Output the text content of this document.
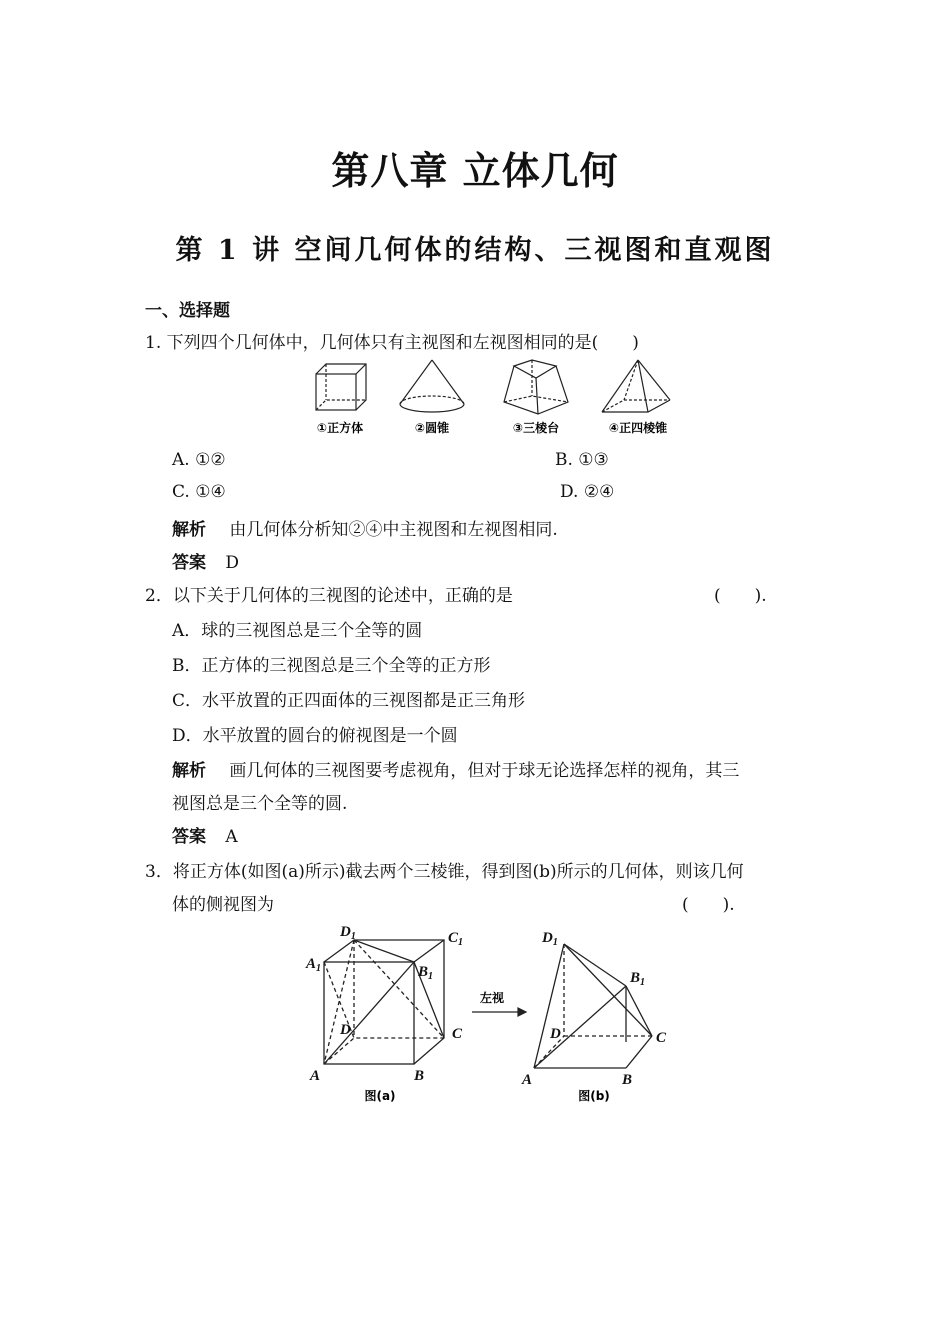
第八章 立体几何
第 1 讲 空间几何体的结构、三视图和直观图
一、选择题
1. 下列四个几何体中，几何体只有主视图和左视图相同的是(　　)
①正方体	②圆锥	③三棱台	④正四棱锥
A. ①②	B. ①③
C. ①④	D. ②④
解析 由几何体分析知②④中主视图和左视图相同.
答案 D
2．以下关于几何体的三视图的论述中，正确的是	(　　).
A．球的三视图总是三个全等的圆
B．正方体的三视图总是三个全等的正方形
C．水平放置的正四面体的三视图都是正三角形
D．水平放置的圆台的俯视图是一个圆
解析 画几何体的三视图要考虑视角，但对于球无论选择怎样的视角，其三
视图总是三个全等的圆.
答案 A
3．将正方体(如图(a)所示)截去两个三棱锥，得到图(b)所示的几何体，则该几何
体的侧视图为	(　　).
$D_1$	$C_1$
$A_1$	$B_1$
D	C
A	B
图(a)
左视
$D_1$
$B_1$
D	C
A	B
图(b)
